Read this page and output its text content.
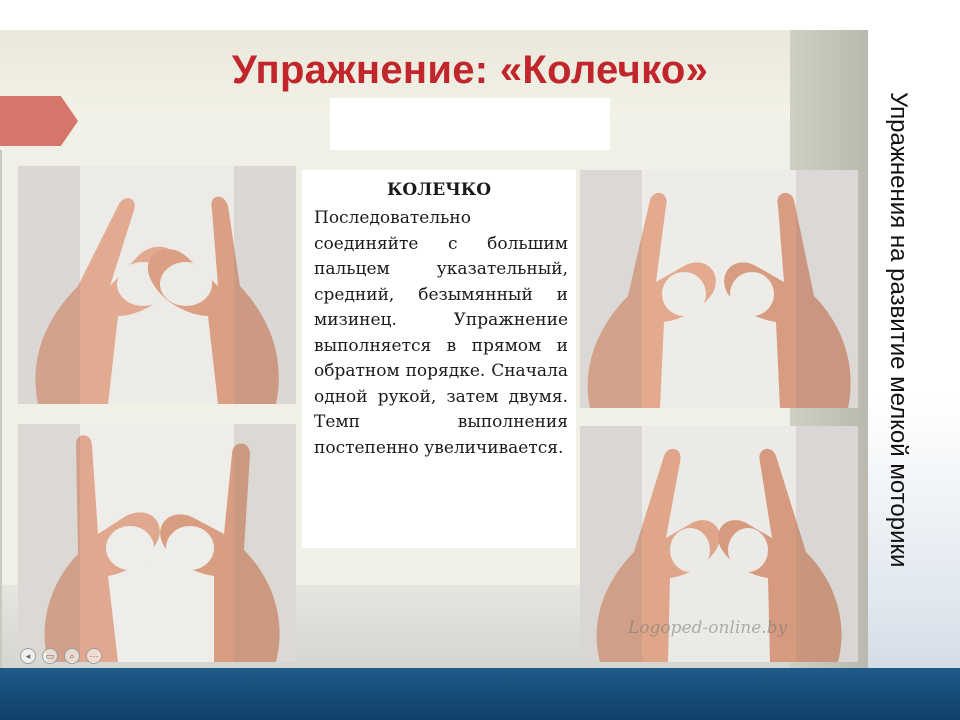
Упражнение: «Колечко»
КОЛЕЧКО
Последовательно соединяйте с большим пальцем указательный, средний, безымянный и мизинец. Упражнение выполняется в прямом и обратном порядке. Сначала одной рукой, затем двумя. Темп выполнения постепенно увеличивается.
Logoped-online.by
◂	▭	⌕	⋯
Упражнения на развитие мелкой моторики
